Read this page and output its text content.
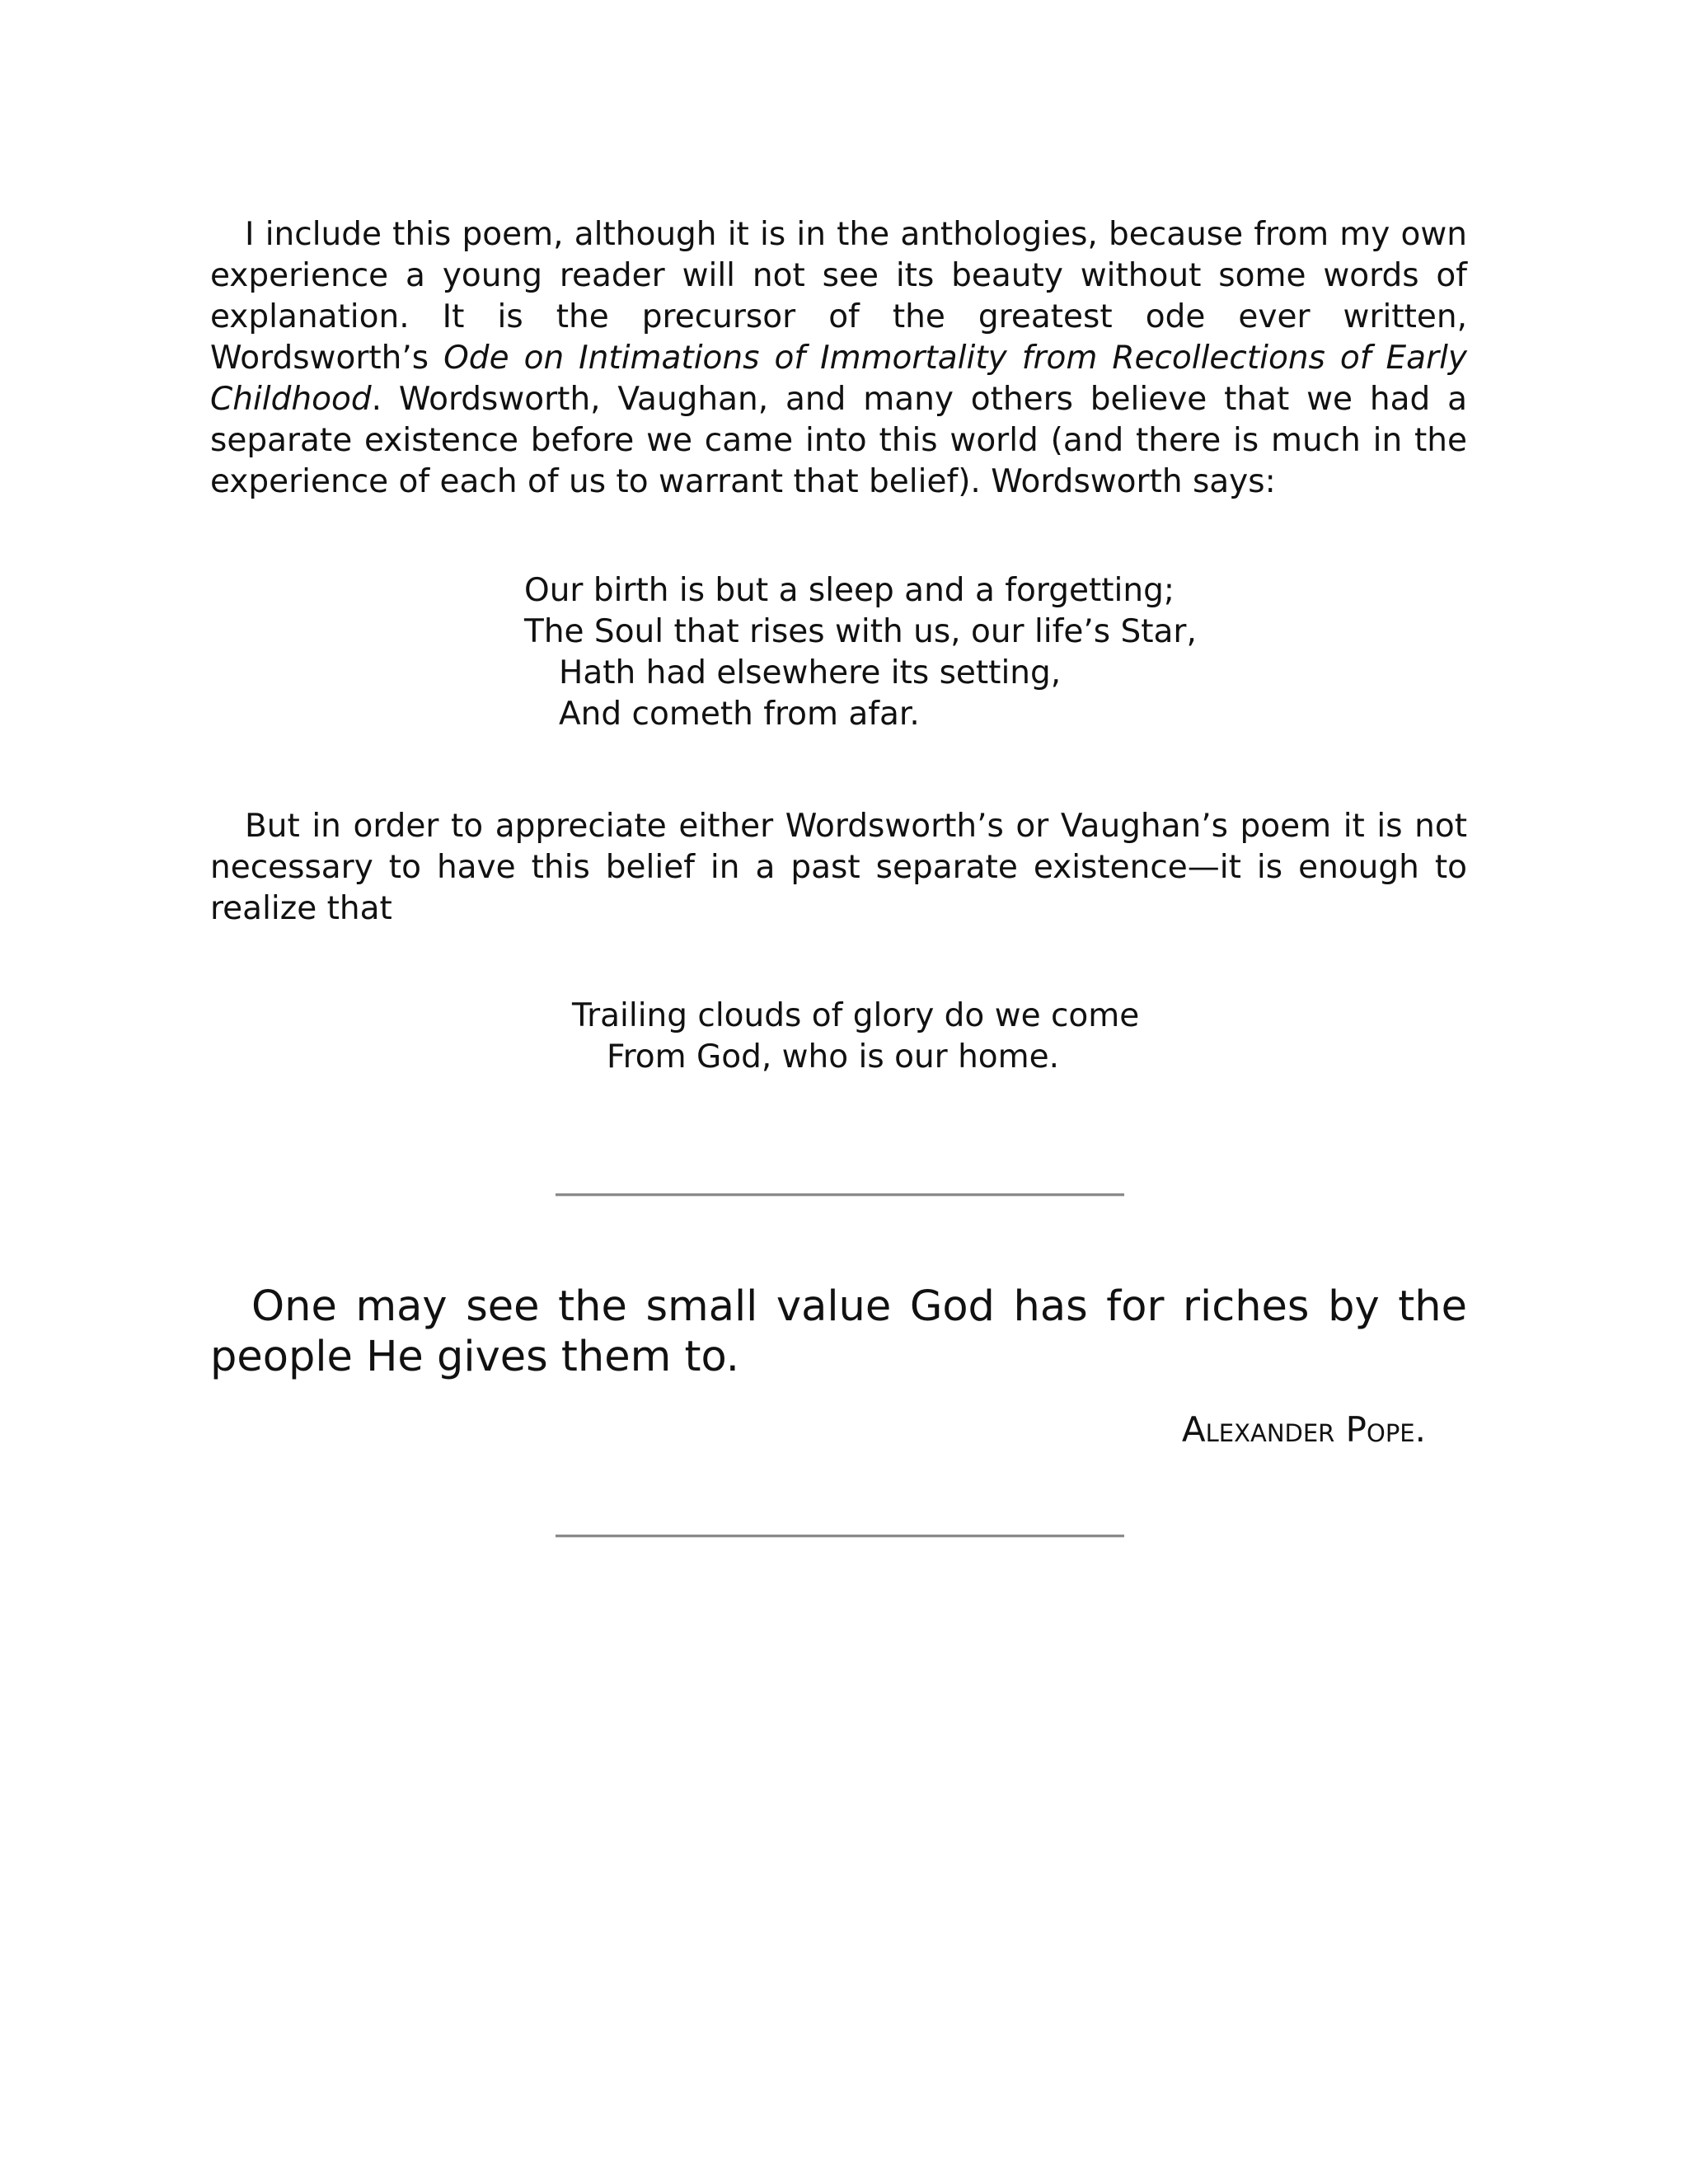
I include this poem, although it is in the anthologies, because from my own experience a young reader will not see its beauty without some words of explanation. It is the precursor of the greatest ode ever written, Wordsworth’s Ode on Intimations of Immortality from Recollections of Early Childhood. Wordsworth, Vaughan, and many others believe that we had a separate existence before we came into this world (and there is much in the experience of each of us to warrant that belief). Wordsworth says:

Our birth is but a sleep and a forgetting;
The Soul that rises with us, our life’s Star,
Hath had elsewhere its setting,
And cometh from afar.

But in order to appreciate either Wordsworth’s or Vaughan’s poem it is not necessary to have this belief in a past separate existence—it is enough to realize that

Trailing clouds of glory do we come
From God, who is our home.

One may see the small value God has for riches by the people He gives them to.

Alexander Pope.
